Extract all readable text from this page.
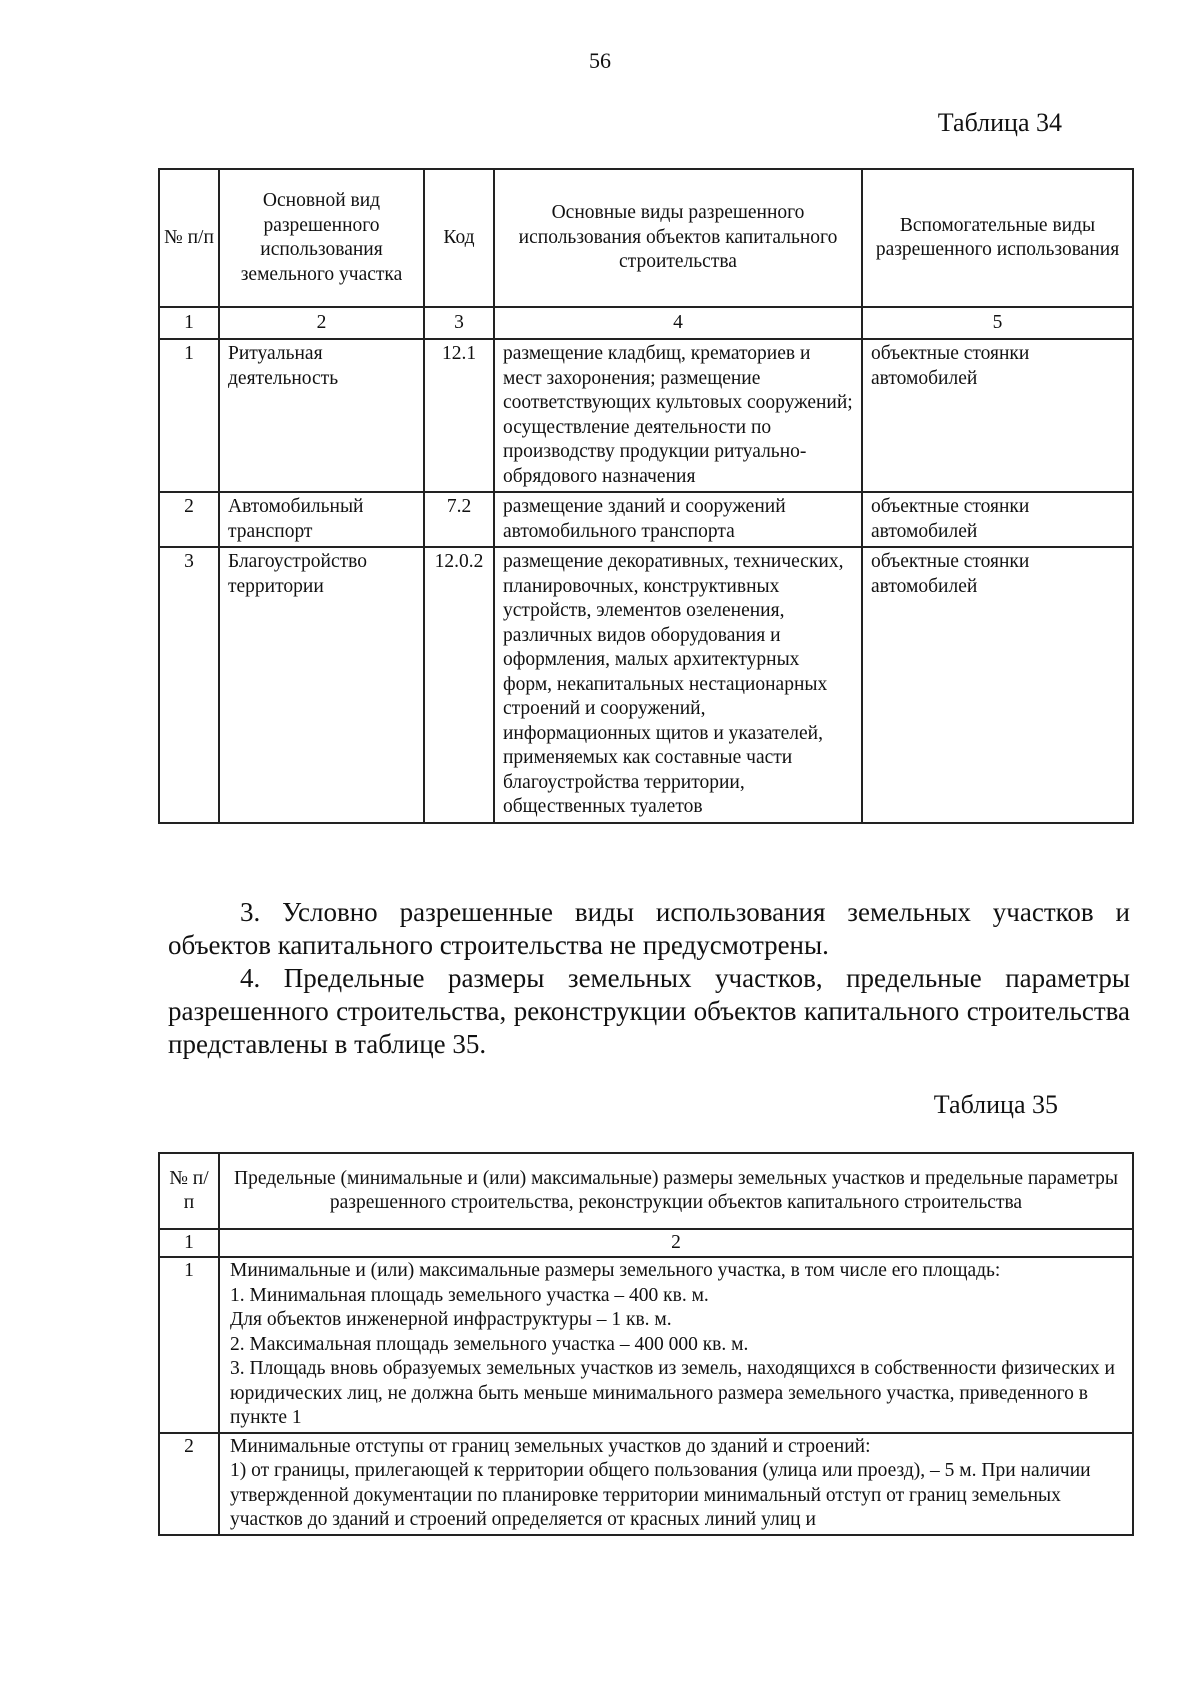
56
Таблица 34
№ п/п	Основной вид разрешенного использования земельного участка	Код	Основные виды разрешенного использования объектов капитального строительства	Вспомогательные виды разрешенного использования
1	2	3	4	5
1	Ритуальная деятельность	12.1	размещение кладбищ, крематориев и мест захоронения; размещение соответствующих культовых сооружений; осуществление деятельности по производству продукции ритуально-обрядового назначения	объектные стоянки автомобилей
2	Автомобильный транспорт	7.2	размещение зданий и сооружений автомобильного транспорта	объектные стоянки автомобилей
3	Благоустройство территории	12.0.2	размещение декоративных, технических, планировочных, конструктивных устройств, элементов озеленения, различных видов оборудования и оформления, малых архитектурных форм, некапитальных нестационарных строений и сооружений, информационных щитов и указателей, применяемых как составные части благоустройства территории, общественных туалетов	объектные стоянки автомобилей

3. Условно разрешенные виды использования земельных участков и объектов капитального строительства не предусмотрены.

4. Предельные размеры земельных участков, предельные параметры разрешенного строительства, реконструкции объектов капитального строительства представлены в таблице 35.

Таблица 35
№ п/п	Предельные (минимальные и (или) максимальные) размеры земельных участков и предельные параметры разрешенного строительства, реконструкции объектов капитального строительства
1	2
1	Минимальные и (или) максимальные размеры земельного участка, в том числе его площадь:

1. Минимальная площадь земельного участка – 400 кв. м.

Для объектов инженерной инфраструктуры – 1 кв. м.

2. Максимальная площадь земельного участка – 400 000 кв. м.

3. Площадь вновь образуемых земельных участков из земель, находящихся в собственности физических и юридических лиц, не должна быть меньше минимального размера земельного участка, приведенного в пункте 1

2	Минимальные отступы от границ земельных участков до зданий и строений:

1) от границы, прилегающей к территории общего пользования (улица или проезд), – 5 м. При наличии утвержденной документации по планировке территории минимальный отступ от границ земельных участков до зданий и строений определяется от красных линий улиц и
